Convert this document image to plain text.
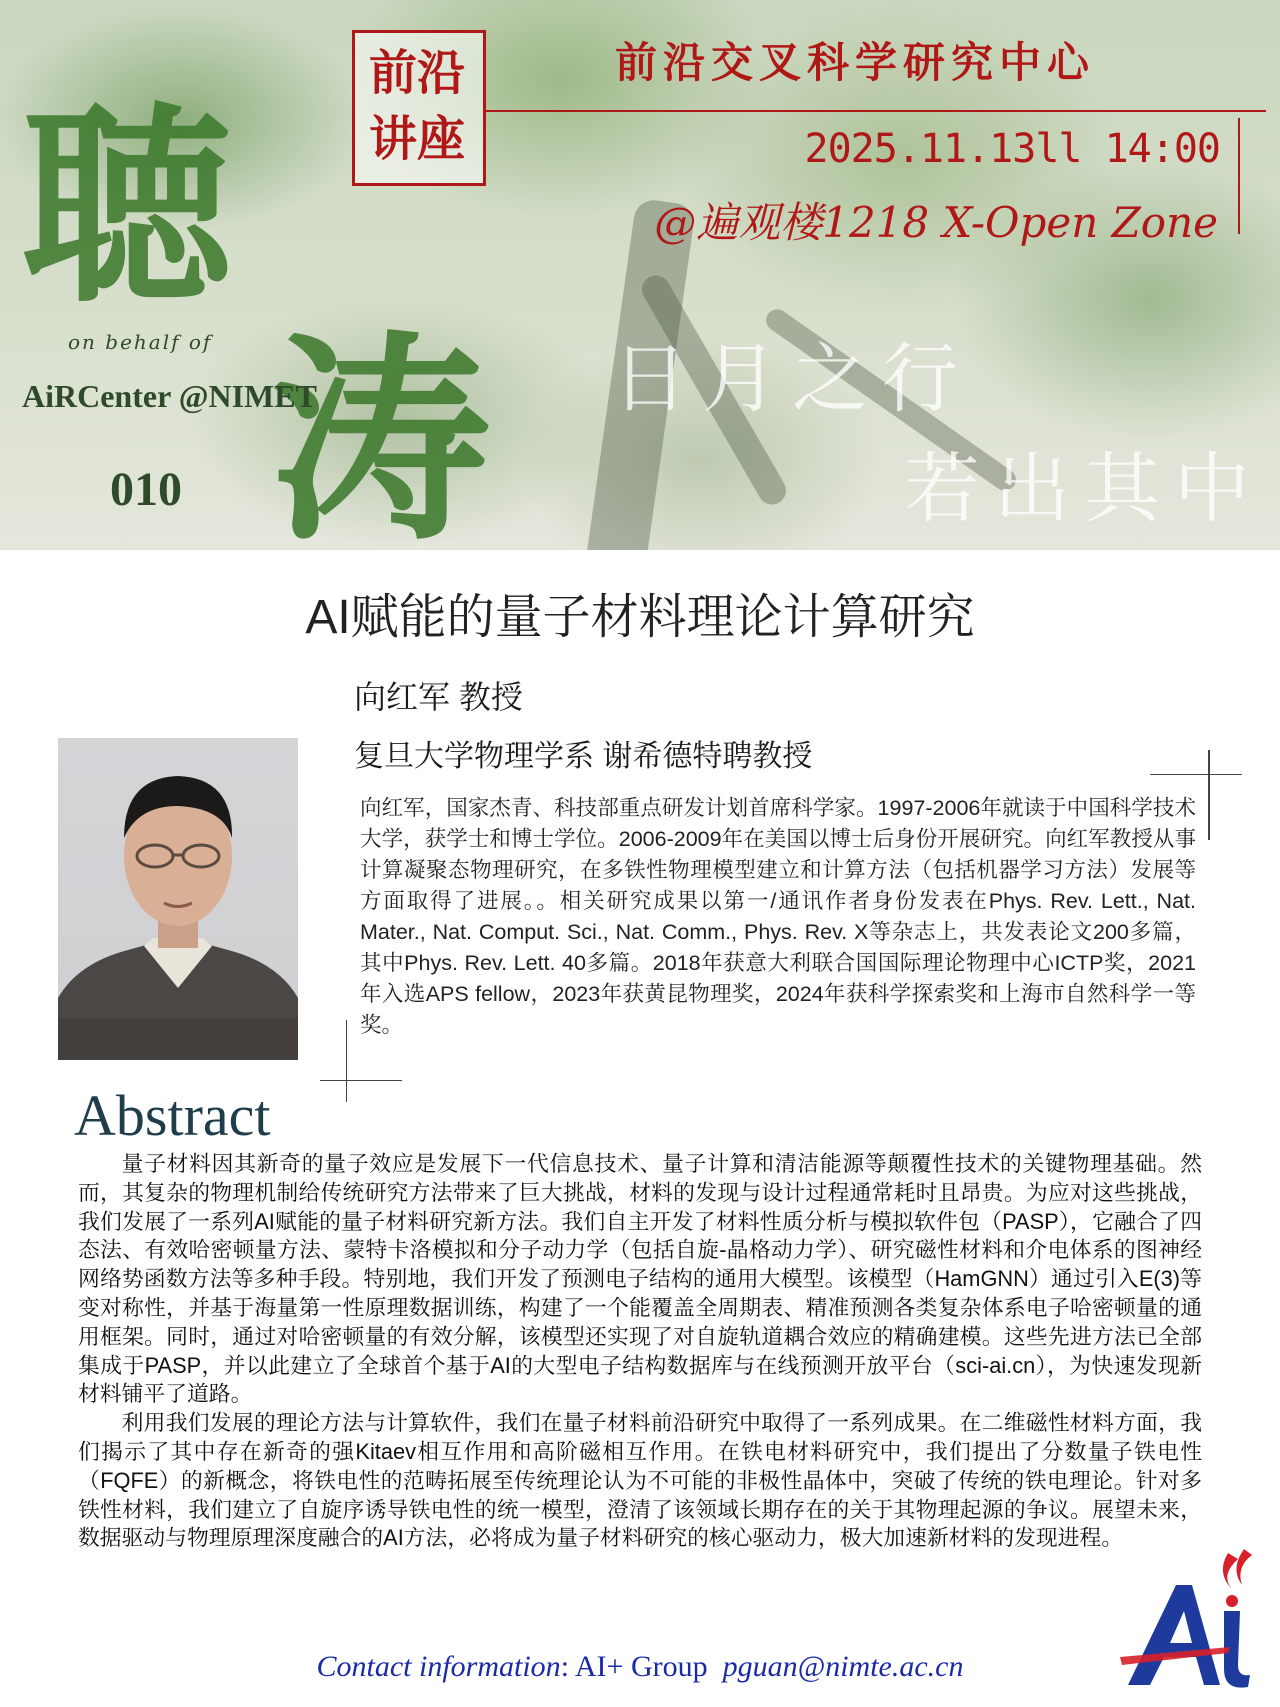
聴
涛
前沿
讲座
前沿交叉科学研究中心
2025.11.13ll 14:00
@遍观楼1218 X-Open Zone
on behalf of
AiRCenter @NIMET
010
日月之行
若出其中
AI赋能的量子材料理论计算研究
向红军 教授
复旦大学物理学系 谢希德特聘教授
向红军，国家杰青、科技部重点研发计划首席科学家。1997-2006年就读于中国科学技术大学，获学士和博士学位。2006-2009年在美国以博士后身份开展研究。向红军教授从事计算凝聚态物理研究，在多铁性物理模型建立和计算方法（包括机器学习方法）发展等方面取得了进展。。相关研究成果以第一/通讯作者身份发表在Phys. Rev. Lett., Nat. Mater., Nat. Comput. Sci., Nat. Comm., Phys. Rev. X等杂志上，共发表论文200多篇，其中Phys. Rev. Lett. 40多篇。2018年获意大利联合国国际理论物理中心ICTP奖，2021年入选APS fellow，2023年获黄昆物理奖，2024年获科学探索奖和上海市自然科学一等奖。
Abstract

量子材料因其新奇的量子效应是发展下一代信息技术、量子计算和清洁能源等颠覆性技术的关键物理基础。然而，其复杂的物理机制给传统研究方法带来了巨大挑战，材料的发现与设计过程通常耗时且昂贵。为应对这些挑战，我们发展了一系列AI赋能的量子材料研究新方法。我们自主开发了材料性质分析与模拟软件包（PASP），它融合了四态法、有效哈密顿量方法、蒙特卡洛模拟和分子动力学（包括自旋-晶格动力学）、研究磁性材料和介电体系的图神经网络势函数方法等多种手段。特别地，我们开发了预测电子结构的通用大模型。该模型（HamGNN）通过引入E(3)等变对称性，并基于海量第一性原理数据训练，构建了一个能覆盖全周期表、精准预测各类复杂体系电子哈密顿量的通用框架。同时，通过对哈密顿量的有效分解，该模型还实现了对自旋轨道耦合效应的精确建模。这些先进方法已全部集成于PASP，并以此建立了全球首个基于AI的大型电子结构数据库与在线预测开放平台（sci-ai.cn），为快速发现新材料铺平了道路。

利用我们发展的理论方法与计算软件，我们在量子材料前沿研究中取得了一系列成果。在二维磁性材料方面，我们揭示了其中存在新奇的强Kitaev相互作用和高阶磁相互作用。在铁电材料研究中，我们提出了分数量子铁电性（FQFE）的新概念，将铁电性的范畴拓展至传统理论认为不可能的非极性晶体中，突破了传统的铁电理论。针对多铁性材料，我们建立了自旋序诱导铁电性的统一模型，澄清了该领域长期存在的关于其物理起源的争议。展望未来，数据驱动与物理原理深度融合的AI方法，必将成为量子材料研究的核心驱动力，极大加速新材料的发现进程。

Contact information: AI+ Group pguan@nimte.ac.cn
